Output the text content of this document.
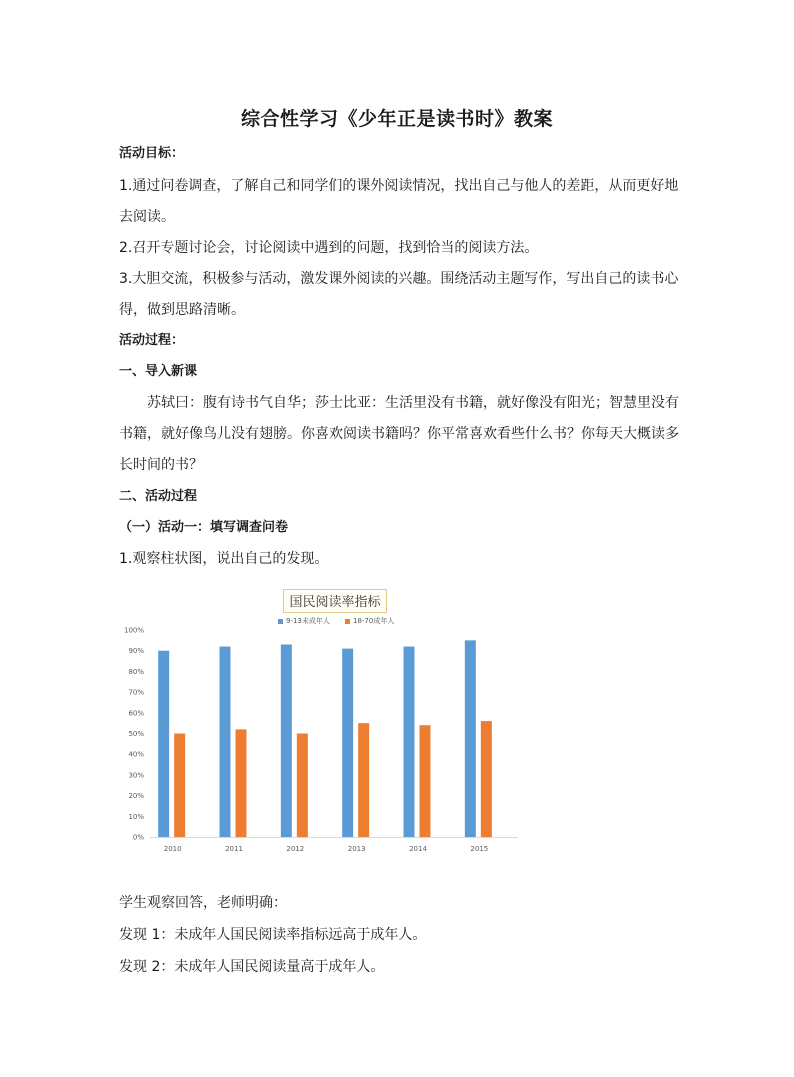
综合性学习《少年正是读书时》教案
活动目标：
1.通过问卷调查，了解自己和同学们的课外阅读情况，找出自己与他人的差距，从而更好地
去阅读。
2.召开专题讨论会，讨论阅读中遇到的问题，找到恰当的阅读方法。
3.大胆交流，积极参与活动，激发课外阅读的兴趣。围绕活动主题写作，写出自己的读书心
得，做到思路清晰。
活动过程：
一、导入新课
苏轼曰：腹有诗书气自华；莎士比亚：生活里没有书籍，就好像没有阳光；智慧里没有
书籍，就好像鸟儿没有翅膀。你喜欢阅读书籍吗？你平常喜欢看些什么书？你每天大概读多
长时间的书？
二、活动过程
（一）活动一：填写调查问卷
1.观察柱状图，说出自己的发现。
国民阅读率指标
9-13未成年人	18-70成年人
0%
10%
20%
30%
40%
50%
60%
70%
80%
90%
100%
2010	2011	2012	2013	2014	2015
学生观察回答，老师明确：
发现 1：未成年人国民阅读率指标远高于成年人。
发现 2：未成年人国民阅读量高于成年人。
